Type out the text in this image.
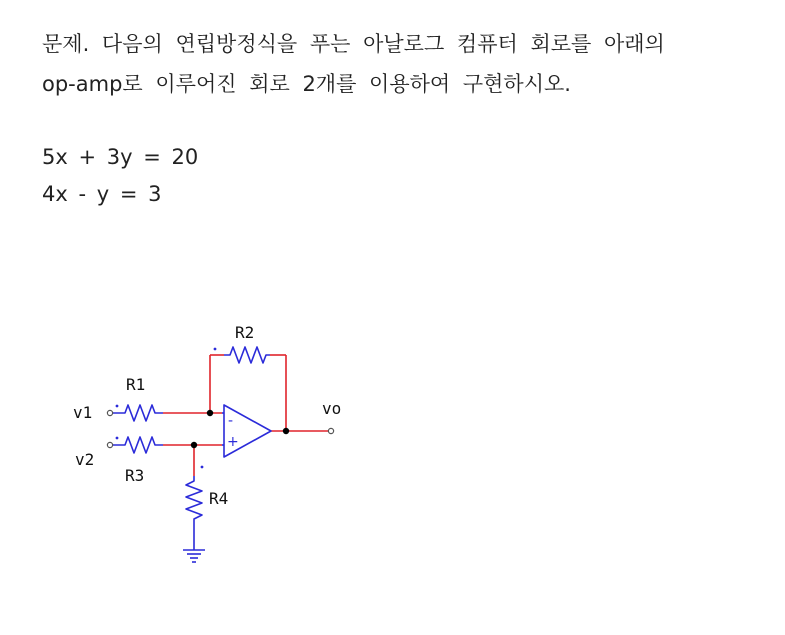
문제. 다음의 연립방정식을 푸는 아날로그 컴퓨터 회로를 아래의
op-amp로 이루어진 회로 2개를 이용하여 구현하시오.
5x + 3y = 20
4x - y = 3
-
+
R2
R1
v1	vo
v2
R3
R4
